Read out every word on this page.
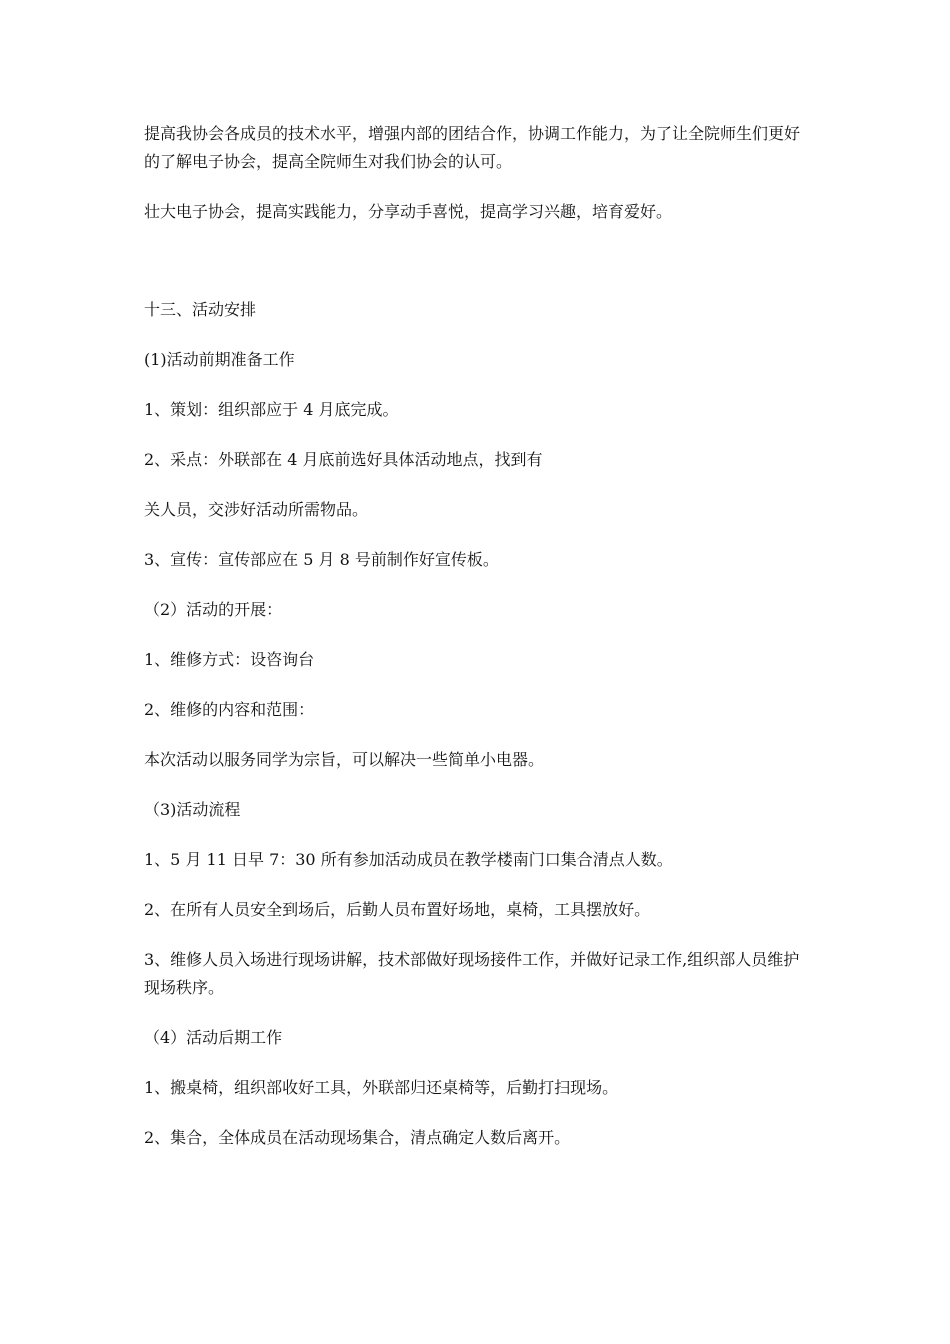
提高我协会各成员的技术水平，增强内部的团结合作，协调工作能力，为了让全院师生们更好的了解电子协会，提高全院师生对我们协会的认可。

壮大电子协会，提高实践能力，分享动手喜悦，提高学习兴趣，培育爱好。

十三、活动安排

(1)活动前期准备工作

1、策划：组织部应于 4 月底完成。

2、采点：外联部在 4 月底前选好具体活动地点，找到有

关人员，交涉好活动所需物品。

3、宣传：宣传部应在 5 月 8 号前制作好宣传板。

（2）活动的开展：

1、维修方式：设咨询台

2、维修的内容和范围：

本次活动以服务同学为宗旨，可以解决一些简单小电器。

（3)活动流程

1、5 月 11 日早 7：30 所有参加活动成员在教学楼南门口集合清点人数。

2、在所有人员安全到场后，后勤人员布置好场地，桌椅，工具摆放好。

3、维修人员入场进行现场讲解，技术部做好现场接件工作，并做好记录工作,组织部人员维护现场秩序。

（4）活动后期工作

1、搬桌椅，组织部收好工具，外联部归还桌椅等，后勤打扫现场。

2、集合，全体成员在活动现场集合，清点确定人数后离开。
